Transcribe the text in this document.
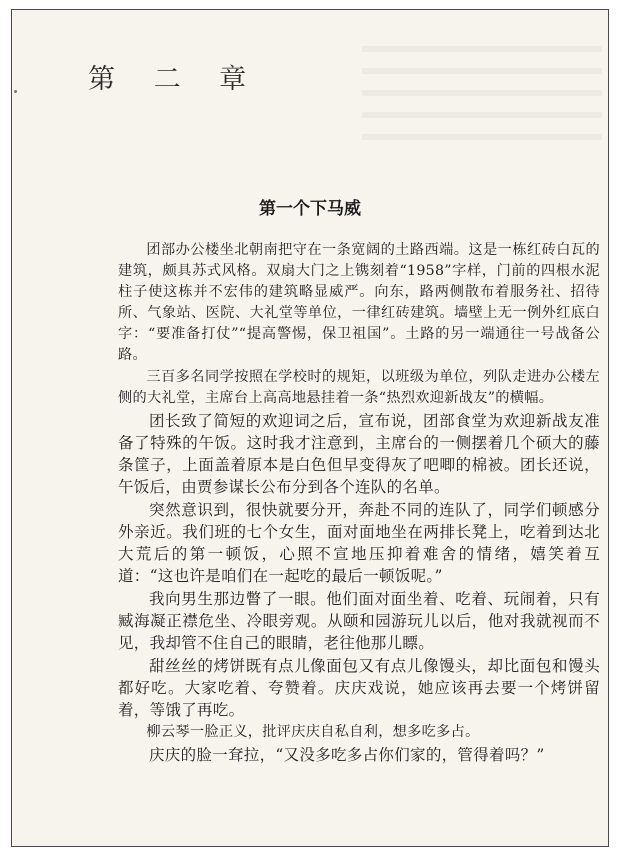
第 二 章
第一个下马威

团部办公楼坐北朝南把守在一条宽阔的土路西端。这是一栋红砖白瓦的建筑，颇具苏式风格。双扇大门之上镌刻着“1958”字样，门前的四根水泥柱子使这栋并不宏伟的建筑略显威严。向东，路两侧散布着服务社、招待所、气象站、医院、大礼堂等单位，一律红砖建筑。墙壁上无一例外红底白字：“要准备打仗”“提高警惕，保卫祖国”。土路的另一端通往一号战备公路。

三百多名同学按照在学校时的规矩，以班级为单位，列队走进办公楼左侧的大礼堂，主席台上高高地悬挂着一条“热烈欢迎新战友”的横幅。

团长致了简短的欢迎词之后，宣布说，团部食堂为欢迎新战友准备了特殊的午饭。这时我才注意到，主席台的一侧摆着几个硕大的藤条筐子，上面盖着原本是白色但早变得灰了吧唧的棉被。团长还说，午饭后，由贾参谋长公布分到各个连队的名单。

突然意识到，很快就要分开，奔赴不同的连队了，同学们顿感分外亲近。我们班的七个女生，面对面地坐在两排长凳上，吃着到达北大荒后的第一顿饭，心照不宣地压抑着难舍的情绪，嬉笑着互道：“这也许是咱们在一起吃的最后一顿饭呢。”

我向男生那边瞥了一眼。他们面对面坐着、吃着、玩闹着，只有臧海凝正襟危坐、冷眼旁观。从颐和园游玩儿以后，他对我就视而不见，我却管不住自己的眼睛，老往他那儿瞟。

甜丝丝的烤饼既有点儿像面包又有点儿像馒头，却比面包和馒头都好吃。大家吃着、夸赞着。庆庆戏说，她应该再去要一个烤饼留着，等饿了再吃。

柳云琴一脸正义，批评庆庆自私自利，想多吃多占。

庆庆的脸一耷拉，“又没多吃多占你们家的，管得着吗？”
